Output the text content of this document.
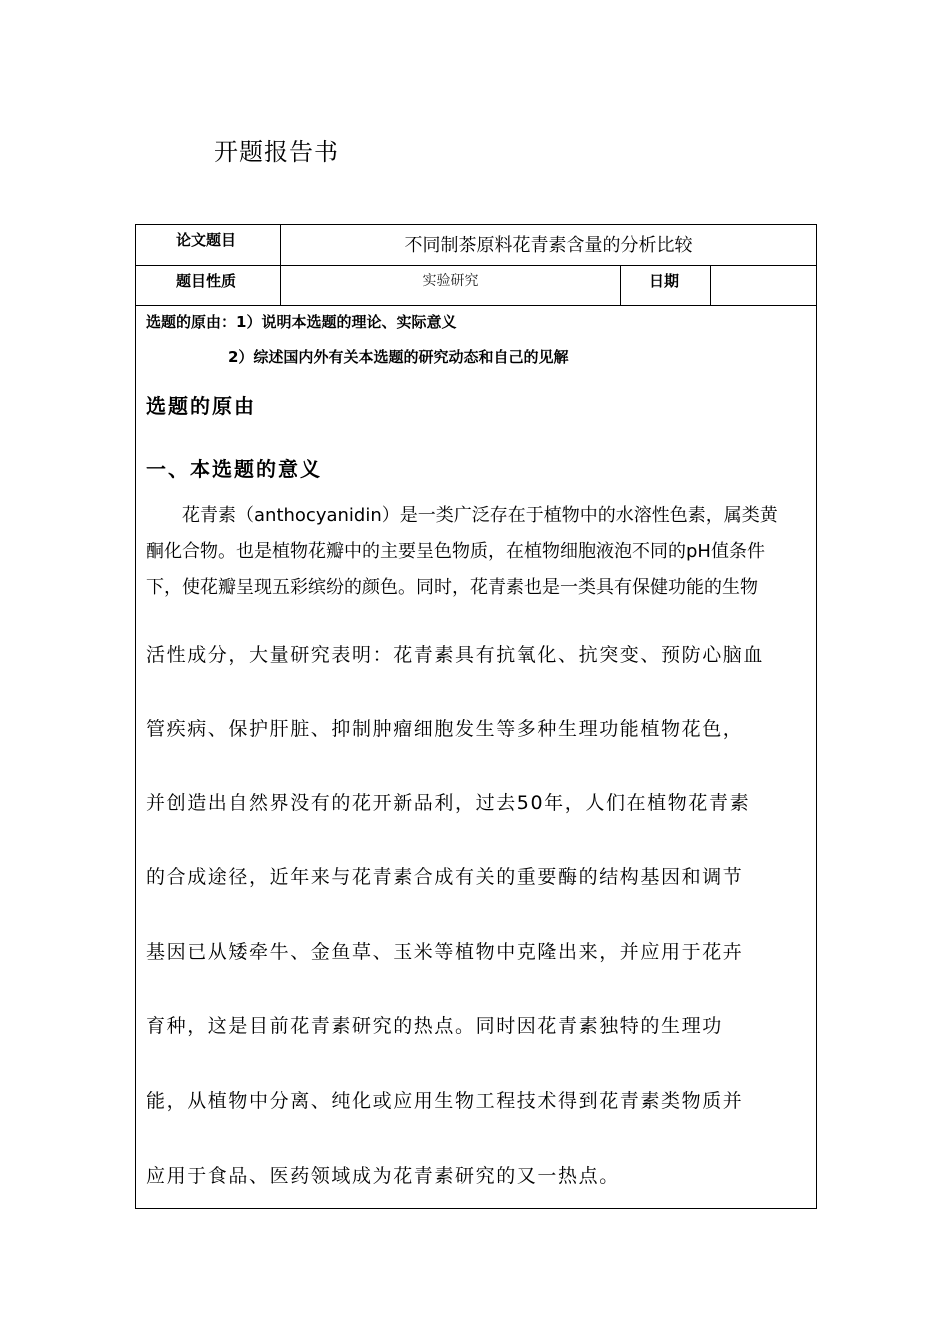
开题报告书
论文题目	不同制茶原料花青素含量的分析比较
题目性质	实验研究	日期
选题的原由：1）说明本选题的理论、实际意义
2）综述国内外有关本选题的研究动态和自己的见解
选题的原由
一、本选题的意义
　　花青素（anthocyanidin）是一类广泛存在于植物中的水溶性色素，属类黄
酮化合物。也是植物花瓣中的主要呈色物质，在植物细胞液泡不同的pH值条件
下，使花瓣呈现五彩缤纷的颜色。同时，花青素也是一类具有保健功能的生物
活性成分，大量研究表明：花青素具有抗氧化、抗突变、预防心脑血
管疾病、保护肝脏、抑制肿瘤细胞发生等多种生理功能植物花色，
并创造出自然界没有的花开新品利，过去50年，人们在植物花青素
的合成途径，近年来与花青素合成有关的重要酶的结构基因和调节
基因已从矮牵牛、金鱼草、玉米等植物中克隆出来，并应用于花卉
育种，这是目前花青素研究的热点。同时因花青素独特的生理功
能，从植物中分离、纯化或应用生物工程技术得到花青素类物质并
应用于食品、医药领域成为花青素研究的又一热点。
